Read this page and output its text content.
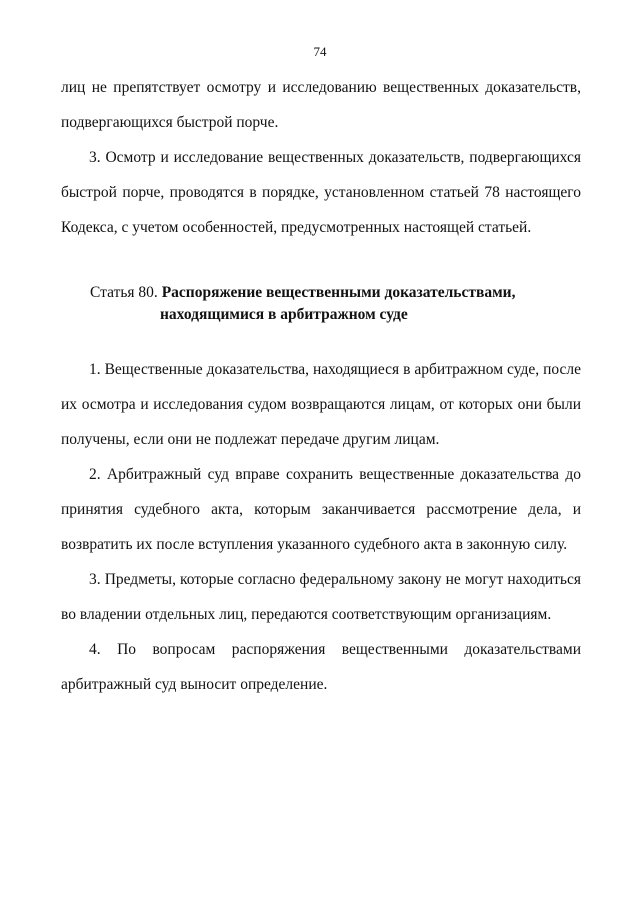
74

лиц не препятствует осмотру и исследованию вещественных доказательств, подвергающихся быстрой порче.

3. Осмотр и исследование вещественных доказательств, подвергающихся быстрой порче, проводятся в порядке, установленном статьей 78 настоящего Кодекса, с учетом особенностей, предусмотренных настоящей статьей.

Статья 80. Распоряжение вещественными доказательствами,
находящимися в арбитражном суде

1. Вещественные доказательства, находящиеся в арбитражном суде, после их осмотра и исследования судом возвращаются лицам, от которых они были получены, если они не подлежат передаче другим лицам.

2. Арбитражный суд вправе сохранить вещественные доказательства до принятия судебного акта, которым заканчивается рассмотрение дела, и возвратить их после вступления указанного судебного акта в законную силу.

3. Предметы, которые согласно федеральному закону не могут находиться во владении отдельных лиц, передаются соответствующим организациям.

4. По вопросам распоряжения вещественными доказательствами арбитражный суд выносит определение.
